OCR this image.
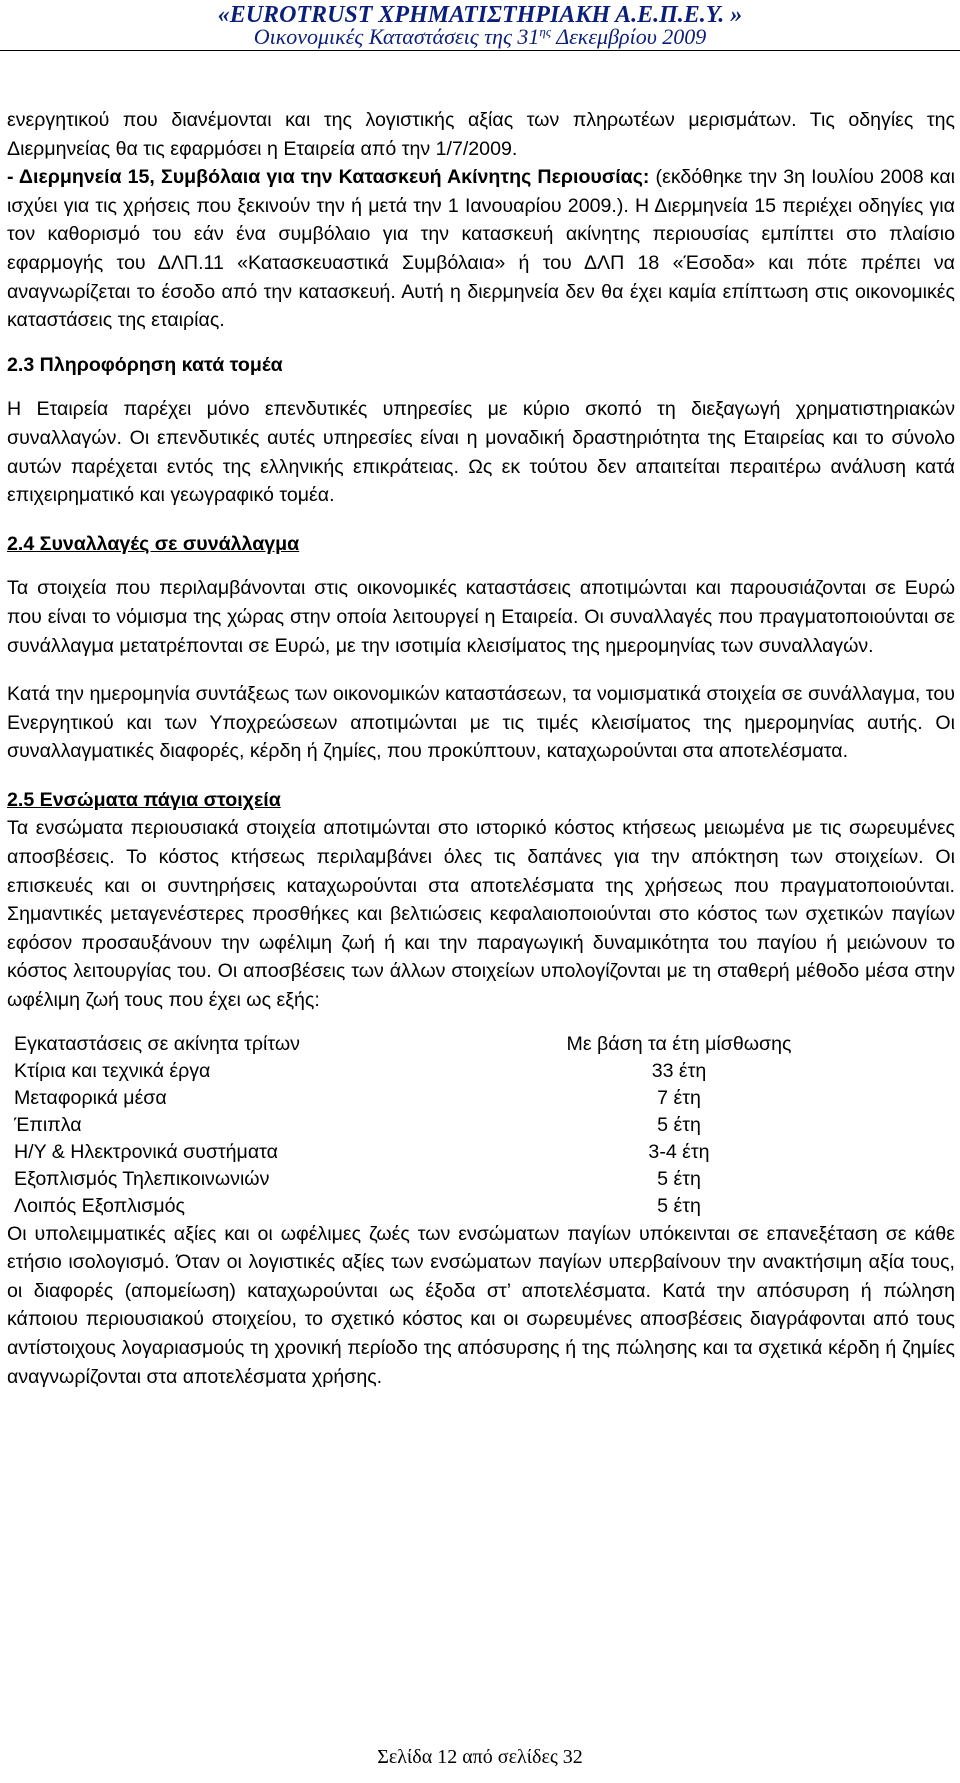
«EUROTRUST ΧΡΗΜΑΤΙΣΤΗΡΙΑΚΗ Α.Ε.Π.Ε.Υ. »
Οικονομικές Καταστάσεις της $31^{\eta\varsigma}$ Δεκεμβρίου 2009

ενεργητικού που διανέμονται και της λογιστικής αξίας των πληρωτέων μερισμάτων. Τις οδηγίες της Διερμηνείας θα τις εφαρμόσει η Εταιρεία από την 1/7/2009.
- Διερμηνεία 15, Συμβόλαια για την Κατασκευή Ακίνητης Περιουσίας: (εκδόθηκε την 3η Ιουλίου 2008 και ισχύει για τις χρήσεις που ξεκινούν την ή μετά την 1 Ιανουαρίου 2009.). Η Διερμηνεία 15 περιέχει οδηγίες για τον καθορισμό του εάν ένα συμβόλαιο για την κατασκευή ακίνητης περιουσίας εμπίπτει στο πλαίσιο εφαρμογής του ΔΛΠ.11 «Κατασκευαστικά Συμβόλαια» ή του ΔΛΠ 18 «Έσοδα» και πότε πρέπει να αναγνωρίζεται το έσοδο από την κατασκευή. Αυτή η διερμηνεία δεν θα έχει καμία επίπτωση στις οικονομικές καταστάσεις της εταιρίας.

2.3 Πληροφόρηση κατά τομέα

Η Εταιρεία παρέχει μόνο επενδυτικές υπηρεσίες με κύριο σκοπό τη διεξαγωγή χρηματιστηριακών συναλλαγών. Οι επενδυτικές αυτές υπηρεσίες είναι η μοναδική δραστηριότητα της Εταιρείας και το σύνολο αυτών παρέχεται εντός της ελληνικής επικράτειας. Ως εκ τούτου δεν απαιτείται περαιτέρω ανάλυση κατά επιχειρηματικό και γεωγραφικό τομέα.

2.4 Συναλλαγές σε συνάλλαγμα

Τα στοιχεία που περιλαμβάνονται στις οικονομικές καταστάσεις αποτιμώνται και παρουσιάζονται σε Ευρώ που είναι το νόμισμα της χώρας στην οποία λειτουργεί η Εταιρεία. Οι συναλλαγές που πραγματοποιούνται σε συνάλλαγμα μετατρέπονται σε Ευρώ, με την ισοτιμία κλεισίματος της ημερομηνίας των συναλλαγών.

Κατά την ημερομηνία συντάξεως των οικονομικών καταστάσεων, τα νομισματικά στοιχεία σε συνάλλαγμα, του Ενεργητικού και των Υποχρεώσεων αποτιμώνται με τις τιμές κλεισίματος της ημερομηνίας αυτής. Οι συναλλαγματικές διαφορές, κέρδη ή ζημίες, που προκύπτουν, καταχωρούνται στα αποτελέσματα.

2.5 Ενσώματα πάγια στοιχεία

Τα ενσώματα περιουσιακά στοιχεία αποτιμώνται στο ιστορικό κόστος κτήσεως μειωμένα με τις σωρευμένες αποσβέσεις. Το κόστος κτήσεως περιλαμβάνει όλες τις δαπάνες για την απόκτηση των στοιχείων. Οι επισκευές και οι συντηρήσεις καταχωρούνται στα αποτελέσματα της χρήσεως που πραγματοποιούνται. Σημαντικές μεταγενέστερες προσθήκες και βελτιώσεις κεφαλαιοποιούνται στο κόστος των σχετικών παγίων εφόσον προσαυξάνουν την ωφέλιμη ζωή ή και την παραγωγική δυναμικότητα του παγίου ή μειώνουν το κόστος λειτουργίας του. Οι αποσβέσεις των άλλων στοιχείων υπολογίζονται με τη σταθερή μέθοδο μέσα στην ωφέλιμη ζωή τους που έχει ως εξής:

Εγκαταστάσεις σε ακίνητα τρίτων	Με βάση τα έτη μίσθωσης
Κτίρια και τεχνικά έργα	33 έτη
Μεταφορικά μέσα	7 έτη
Έπιπλα	5 έτη
Η/Υ & Ηλεκτρονικά συστήματα	3-4 έτη
Εξοπλισμός Τηλεπικοινωνιών	5 έτη
Λοιπός Εξοπλισμός	5 έτη

Οι υπολειμματικές αξίες και οι ωφέλιμες ζωές των ενσώματων παγίων υπόκεινται σε επανεξέταση σε κάθε ετήσιο ισολογισμό. Όταν οι λογιστικές αξίες των ενσώματων παγίων υπερβαίνουν την ανακτήσιμη αξία τους, οι διαφορές (απομείωση) καταχωρούνται ως έξοδα στ’ αποτελέσματα. Κατά την απόσυρση ή πώληση κάποιου περιουσιακού στοιχείου, το σχετικό κόστος και οι σωρευμένες αποσβέσεις διαγράφονται από τους αντίστοιχους λογαριασμούς τη χρονική περίοδο της απόσυρσης ή της πώλησης και τα σχετικά κέρδη ή ζημίες αναγνωρίζονται στα αποτελέσματα χρήσης.

Σελίδα 12 από σελίδες 32
